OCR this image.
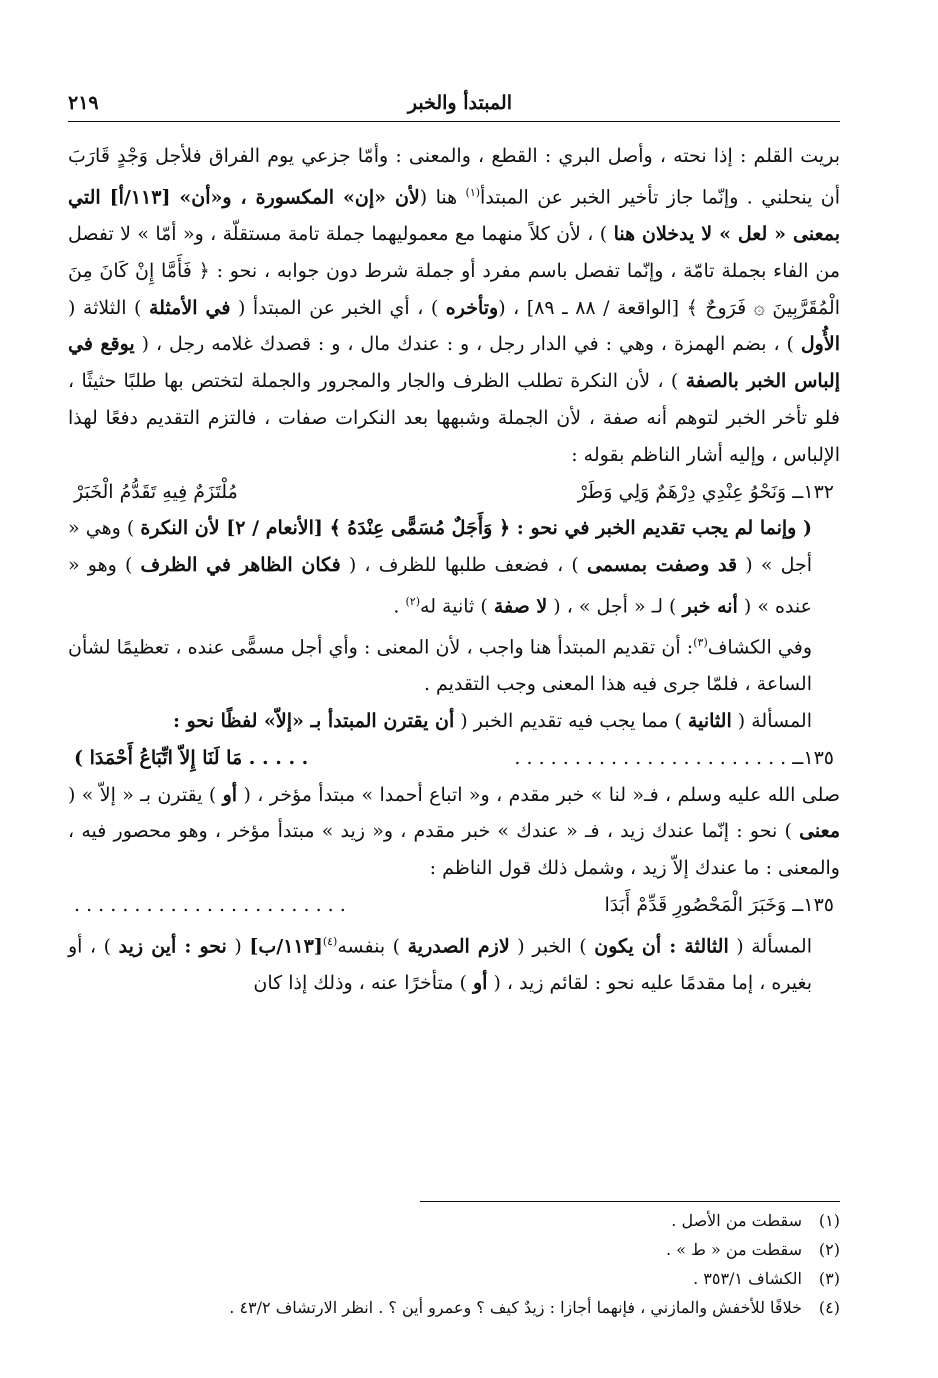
المبتدأ والخبر
٢١٩

بريت القلم : إذا نحته ، وأصل البري : القطع ، والمعنى : وأمّا جزعي يوم الفراق فلأجل وَجْدٍ قَارَبَ أن ينحلني . وإنّما جاز تأخير الخبر عن المبتدأ$^{(١)}$ هنا (لأن «إن» المكسورة ، و«أن» [١١٣/أ] التي بمعنى « لعل » لا يدخلان هنا ) ، لأن كلاً منهما مع معموليهما جملة تامة مستقلّة ، و« أمّا » لا تفصل من الفاء بجملة تامّة ، وإنّما تفصل باسم مفرد أو جملة شرط دون جوابه ، نحو : ﴿ فَأَمَّا إِنْ كَانَ مِنَ الْمُقَرَّبِينَ ۞ فَرَوحٌ ﴾ [الواقعة / ٨٨ ـ ٨٩] ، (وتأخره ) ، أي الخبر عن المبتدأ ( في الأمثلة ) الثلاثة ( الأُول ) ، بضم الهمزة ، وهي : في الدار رجل ، و : عندك مال ، و : قصدك غلامه رجل ، ( يوقع في إلباس الخبر بالصفة ) ، لأن النكرة تطلب الظرف والجار والمجرور والجملة لتختص بها طلبًا حثيثًا ، فلو تأخر الخبر لتوهم أنه صفة ، لأن الجملة وشبهها بعد النكرات صفات ، فالتزم التقديم دفعًا لهذا الإلباس ، وإليه أشار الناظم بقوله :

١٣٢ــ وَنَحْوُ عِنْدِي دِرْهَمٌ وَلِي وَطَرْ
مُلْتَزَمٌ فِيهِ تَقَدُّمُ الْخَبَرْ

( وإنما لم يجب تقديم الخبر في نحو : ﴿ وَأَجَلٌ مُسَمًّى عِنْدَهُ ﴾ [الأنعام / ٢] لأن النكرة ) وهي « أجل » ( قد وصفت بمسمى ) ، فضعف طلبها للظرف ، ( فكان الظاهر في الظرف ) وهو « عنده » ( أنه خبر ) لـ « أجل » ، ( لا صفة ) ثانية له$^{(٢)}$ .

وفي الكشاف$^{(٣)}$: أن تقديم المبتدأ هنا واجب ، لأن المعنى : وأي أجل مسمًّى عنده ، تعظيمًا لشأن الساعة ، فلمّا جرى فيه هذا المعنى وجب التقديم .

المسألة ( الثانية ) مما يجب فيه تقديم الخبر ( أن يقترن المبتدأ بـ «إلاّ» لفظًا نحو :

١٣٥ــ . . . . . . . . . . . . . . . . . . . . . . .
. . . . . مَا لَنَا إِلاّ اتِّبَاعُ أَحْمَدَا )

صلى الله عليه وسلم ، فـ« لنا » خبر مقدم ، و« اتباع أحمدا » مبتدأ مؤخر ، ( أو ) يقترن بـ « إلاّ » ( معنى ) نحو : إنّما عندك زيد ، فـ « عندك » خبر مقدم ، و« زيد » مبتدأ مؤخر ، وهو محصور فيه ، والمعنى : ما عندك إلاّ زيد ، وشمل ذلك قول الناظم :

١٣٥ــ وَخَبَرَ الْمَحْصُورِ قَدِّمْ أَبَدَا
. . . . . . . . . . . . . . . . . . . . . . .

المسألة ( الثالثة : أن يكون ) الخبر ( لازم الصدرية ) بنفسه$^{(٤)}$[١١٣/ب] ( نحو : أين زيد ) ، أو بغيره ، إما مقدمًا عليه نحو : لقائم زيد ، ( أو ) متأخرًا عنه ، وذلك إذا كان

(١)
سقطت من الأصل .
(٢)
سقطت من « ط » .
(٣)
الكشاف ٣٥٣/١ .
(٤)
خلافًا للأخفش والمازني ، فإنهما أجازا : زيدٌ كيف ؟ وعمرو أين ؟ . انظر الارتشاف ٤٣/٢ .
